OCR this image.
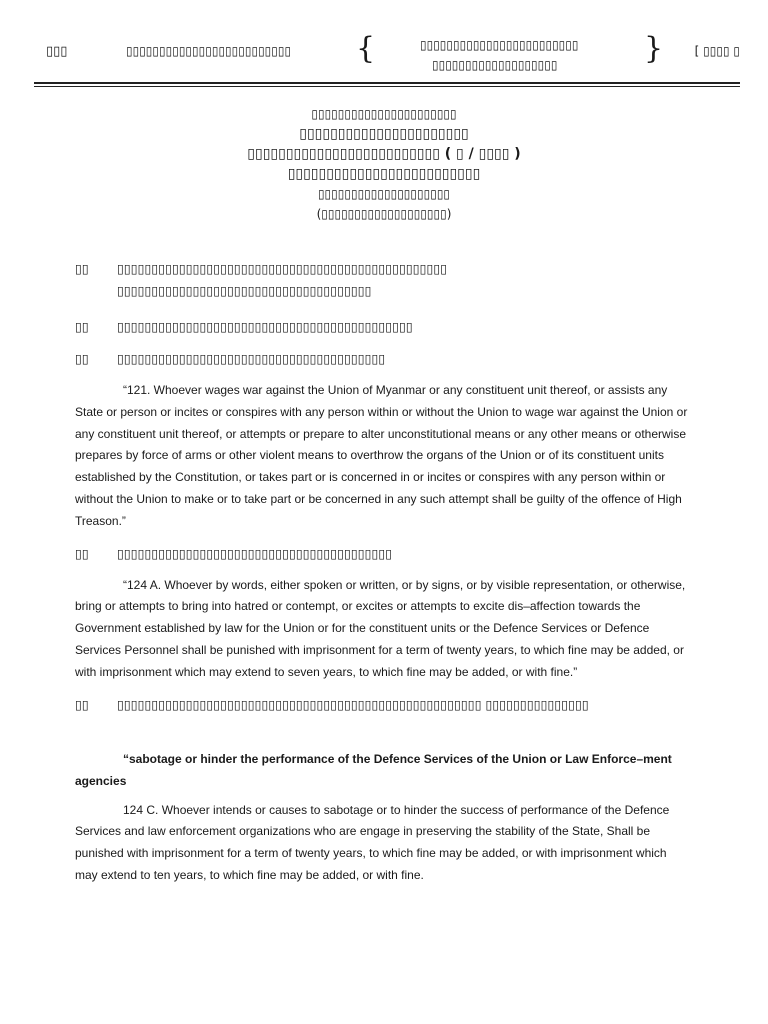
▯▯▯	▯▯▯▯▯▯▯▯▯▯▯▯▯▯▯▯▯▯▯▯▯▯▯▯▯ {	▯▯▯▯▯▯▯▯▯▯▯▯▯▯▯▯▯▯▯▯▯▯▯▯
▯▯▯▯▯▯▯▯▯▯▯▯▯▯▯▯▯▯▯	}	[ ▯▯▯▯ ▯

▯▯▯▯▯▯▯▯▯▯▯▯▯▯▯▯▯▯▯▯▯▯

▯▯▯▯▯▯▯▯▯▯▯▯▯▯▯▯▯▯▯▯▯▯

▯▯▯▯▯▯▯▯▯▯▯▯▯▯▯▯▯▯▯▯▯▯▯▯▯ ( ▯ / ▯▯▯▯ )

▯▯▯▯▯▯▯▯▯▯▯▯▯▯▯▯▯▯▯▯▯▯▯▯▯

▯▯▯▯▯▯▯▯▯▯▯▯▯▯▯▯▯▯▯▯

(▯▯▯▯▯▯▯▯▯▯▯▯▯▯▯▯▯▯▯)

▯▯ ▯▯▯▯▯▯▯▯▯▯▯▯▯▯▯▯▯▯▯▯▯▯▯▯▯▯▯▯▯▯▯▯▯▯▯▯▯▯▯▯▯▯▯▯▯▯▯▯ ▯▯▯▯▯▯▯▯▯▯▯▯▯▯▯▯▯▯▯▯▯▯▯▯▯▯▯▯▯▯▯▯▯▯▯▯▯
▯▯ ▯▯▯▯▯▯▯▯▯▯▯▯▯▯▯▯▯▯▯▯▯▯▯▯▯▯▯▯▯▯▯▯▯▯▯▯▯▯▯▯▯▯▯
▯▯ ▯▯▯▯▯▯▯▯▯▯▯▯▯▯▯▯▯▯▯▯▯▯▯▯▯▯▯▯▯▯▯▯▯▯▯▯▯▯▯

“121. Whoever wages war against the Union of Myanmar or any constituent unit thereof, or assists any State or person or incites or conspires with any person within or without the Union to wage war against the Union or any constituent unit thereof, or attempts or prepare to alter unconstitutional means or any other means or otherwise prepares by force of arms or other violent means to overthrow the organs of the Union or of its constituent units established by the Constitution, or takes part or is concerned in or incites or conspires with any person within or without the Union to make or to take part or be concerned in any such attempt shall be guilty of the offence of High Treason.”

▯▯ ▯▯▯▯▯▯▯▯▯▯▯▯▯▯▯▯▯▯▯▯▯▯▯▯▯▯▯▯▯▯▯▯▯▯▯▯▯▯▯▯

“124 A. Whoever by words, either spoken or written, or by signs, or by visible representation, or otherwise, bring or attempts to bring into hatred or contempt, or excites or attempts to excite dis–affection towards the Government established by law for the Union or for the constituent units or the Defence Services or Defence Services Personnel shall be punished with imprisonment for a term of twenty years, to which fine may be added, or with imprisonment which may extend to seven years, to which fine may be added, or with fine.”

▯▯ ▯▯▯▯▯▯▯▯▯▯▯▯▯▯▯▯▯▯▯▯▯▯▯▯▯▯▯▯▯▯▯▯▯▯▯▯▯▯▯▯▯▯▯▯▯▯▯▯▯▯▯▯▯ ▯▯▯▯▯▯▯▯▯▯▯▯▯▯▯

“sabotage or hinder the performance of the Defence Services of the Union or Law Enforce–ment agencies

124 C. Whoever intends or causes to sabotage or to hinder the success of performance of the Defence Services and law enforcement organizations who are engage in preserving the stability of the State, Shall be punished with imprisonment for a term of twenty years, to which fine may be added, or with imprisonment which may extend to ten years, to which fine may be added, or with fine.
